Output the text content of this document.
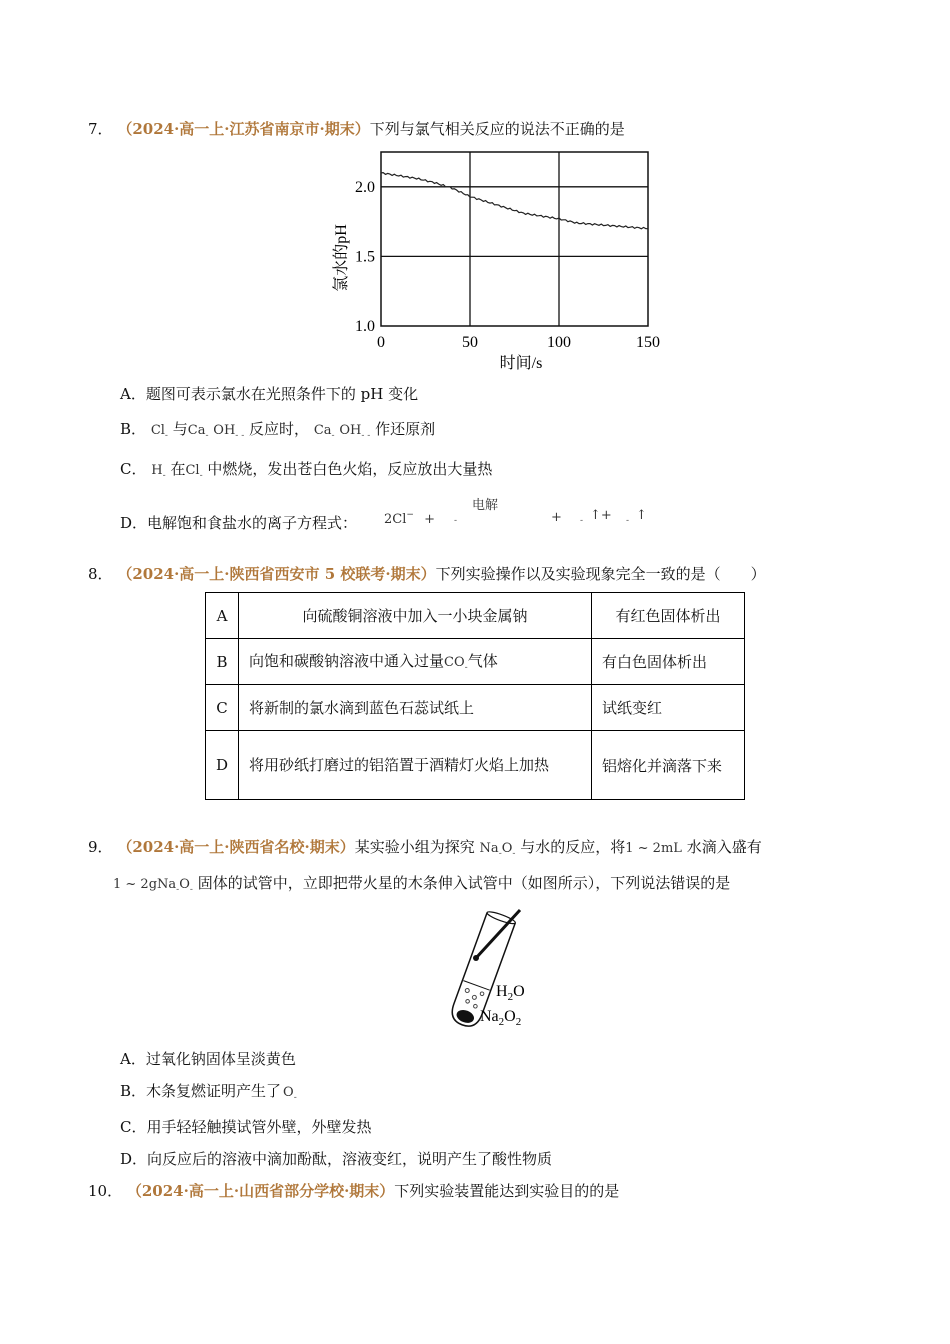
7． （2024·高一上·江苏省南京市·期末）下列与氯气相关反应的说法不正确的是
0	50	100	150
1.0
1.5
2.0
时间/s
氯水的pH
A．题图可表示氯水在光照条件下的 pH 变化
B． $Cl_-$ 与$Ca_-$ $OH_{- -}$ 反应时， $Ca_-$ $OH_{- -}$ 作还原剂
C． $H_-$ 在$Cl_-$ 中燃烧，发出苍白色火焰，反应放出大量热
D．电解饱和食盐水的离子方程式： 2Cl− +
电解
-	+ - ↑+ - ↑
8． （2024·高一上·陕西省西安市 5 校联考·期末）下列实验操作以及实验现象完全一致的是（　　）
A	向硫酸铜溶液中加入一小块金属钠	有红色固体析出
B	向饱和碳酸钠溶液中通入过量$CO_-$气体	有白色固体析出
C	将新制的氯水滴到蓝色石蕊试纸上	试纸变红
D	将用砂纸打磨过的铝箔置于酒精灯火焰上加热	铝熔化并滴落下来
9． （2024·高一上·陕西省名校·期末）某实验小组为探究 $Na_-O_-$ 与水的反应，将1 ~ 2mL 水滴入盛有
1 ~ $2gNa_-O_-$ 固体的试管中，立即把带火星的木条伸入试管中（如图所示），下列说法错误的是
$H_2O$
$Na_2O_2$
A．过氧化钠固体呈淡黄色
B．木条复燃证明产生了 $O_-$
C．用手轻轻触摸试管外壁，外壁发热
D．向反应后的溶液中滴加酚酞，溶液变红，说明产生了酸性物质
10． （2024·高一上·山西省部分学校·期末）下列实验装置能达到实验目的的是
